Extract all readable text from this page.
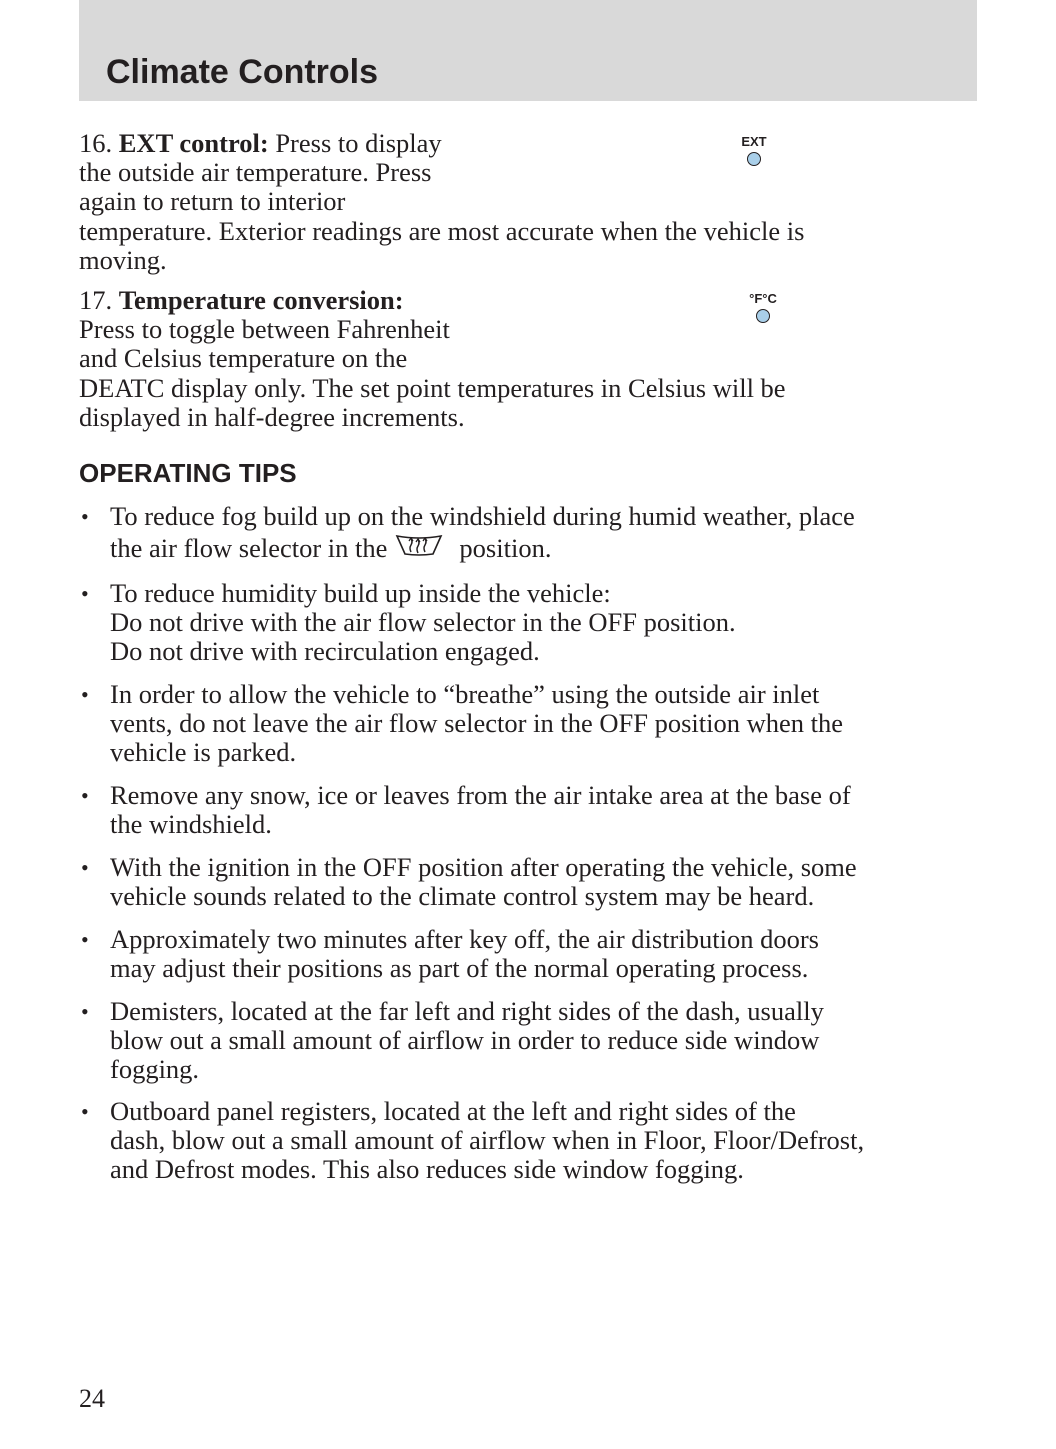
Climate Controls
16. EXT control: Press to display
the outside air temperature. Press
again to return to interior
temperature. Exterior readings are most accurate when the vehicle is
moving.
EXT
17. Temperature conversion:
Press to toggle between Fahrenheit
and Celsius temperature on the
DEATC display only. The set point temperatures in Celsius will be
displayed in half-degree increments.
°F°C
OPERATING TIPS
• To reduce fog build up on the windshield during humid weather, place
the air flow selector in the	position.
• To reduce humidity build up inside the vehicle:
Do not drive with the air flow selector in the OFF position.
Do not drive with recirculation engaged.
• In order to allow the vehicle to “breathe” using the outside air inlet
vents, do not leave the air flow selector in the OFF position when the
vehicle is parked.
• Remove any snow, ice or leaves from the air intake area at the base of
the windshield.
• With the ignition in the OFF position after operating the vehicle, some
vehicle sounds related to the climate control system may be heard.
• Approximately two minutes after key off, the air distribution doors
may adjust their positions as part of the normal operating process.
• Demisters, located at the far left and right sides of the dash, usually
blow out a small amount of airflow in order to reduce side window
fogging.
• Outboard panel registers, located at the left and right sides of the
dash, blow out a small amount of airflow when in Floor, Floor/Defrost,
and Defrost modes. This also reduces side window fogging.
24
